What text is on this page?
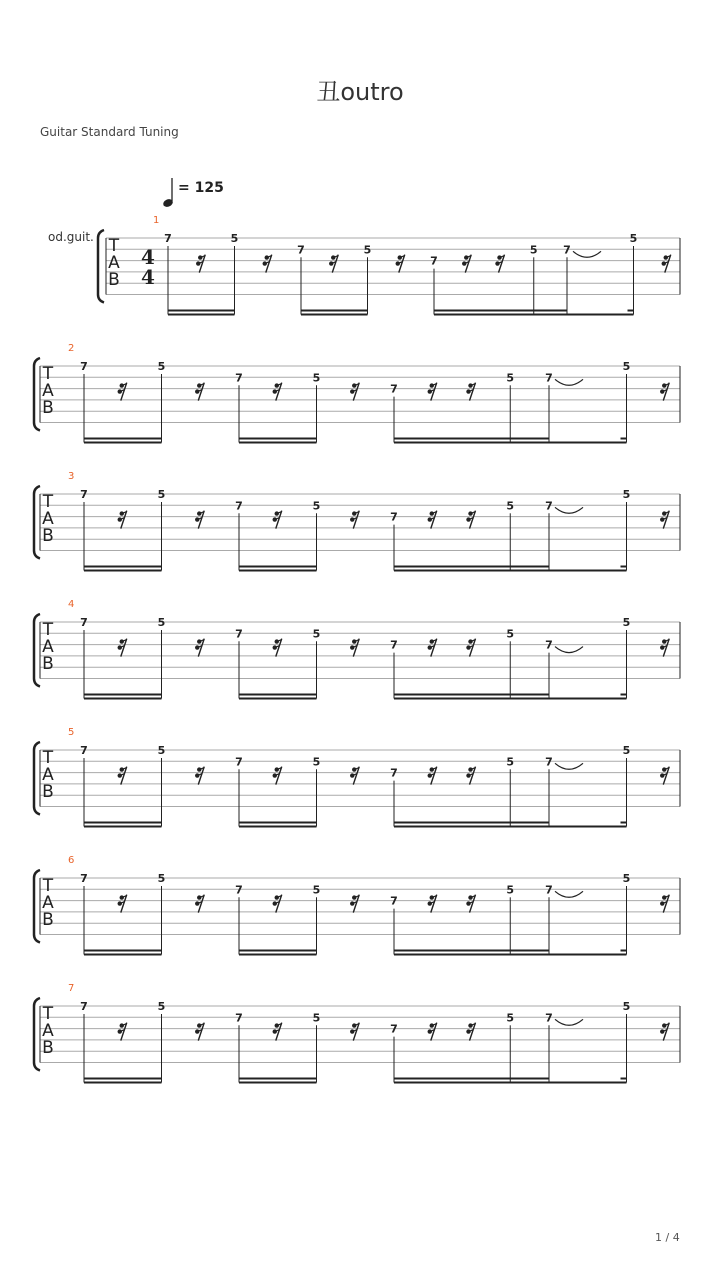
丑outro
Guitar Standard Tuning
= 125
od.guit. T
A
B
4
4
1
7	5
7	5
7
5 7
5
T
A
B
2
7	5
7	5
7
5	7
5
T
A
B
3
7	5
7	5
7
5	7
5
T
A
B
4
7	5
7	5
7
5
7
5
T
A
B
5
7	5
7	5
7
5	7
5
T
A
B
6
7	5
7	5
7
5	7
5
T
A
B
7
7	5
7	5
7
5	7
5
1 / 4
